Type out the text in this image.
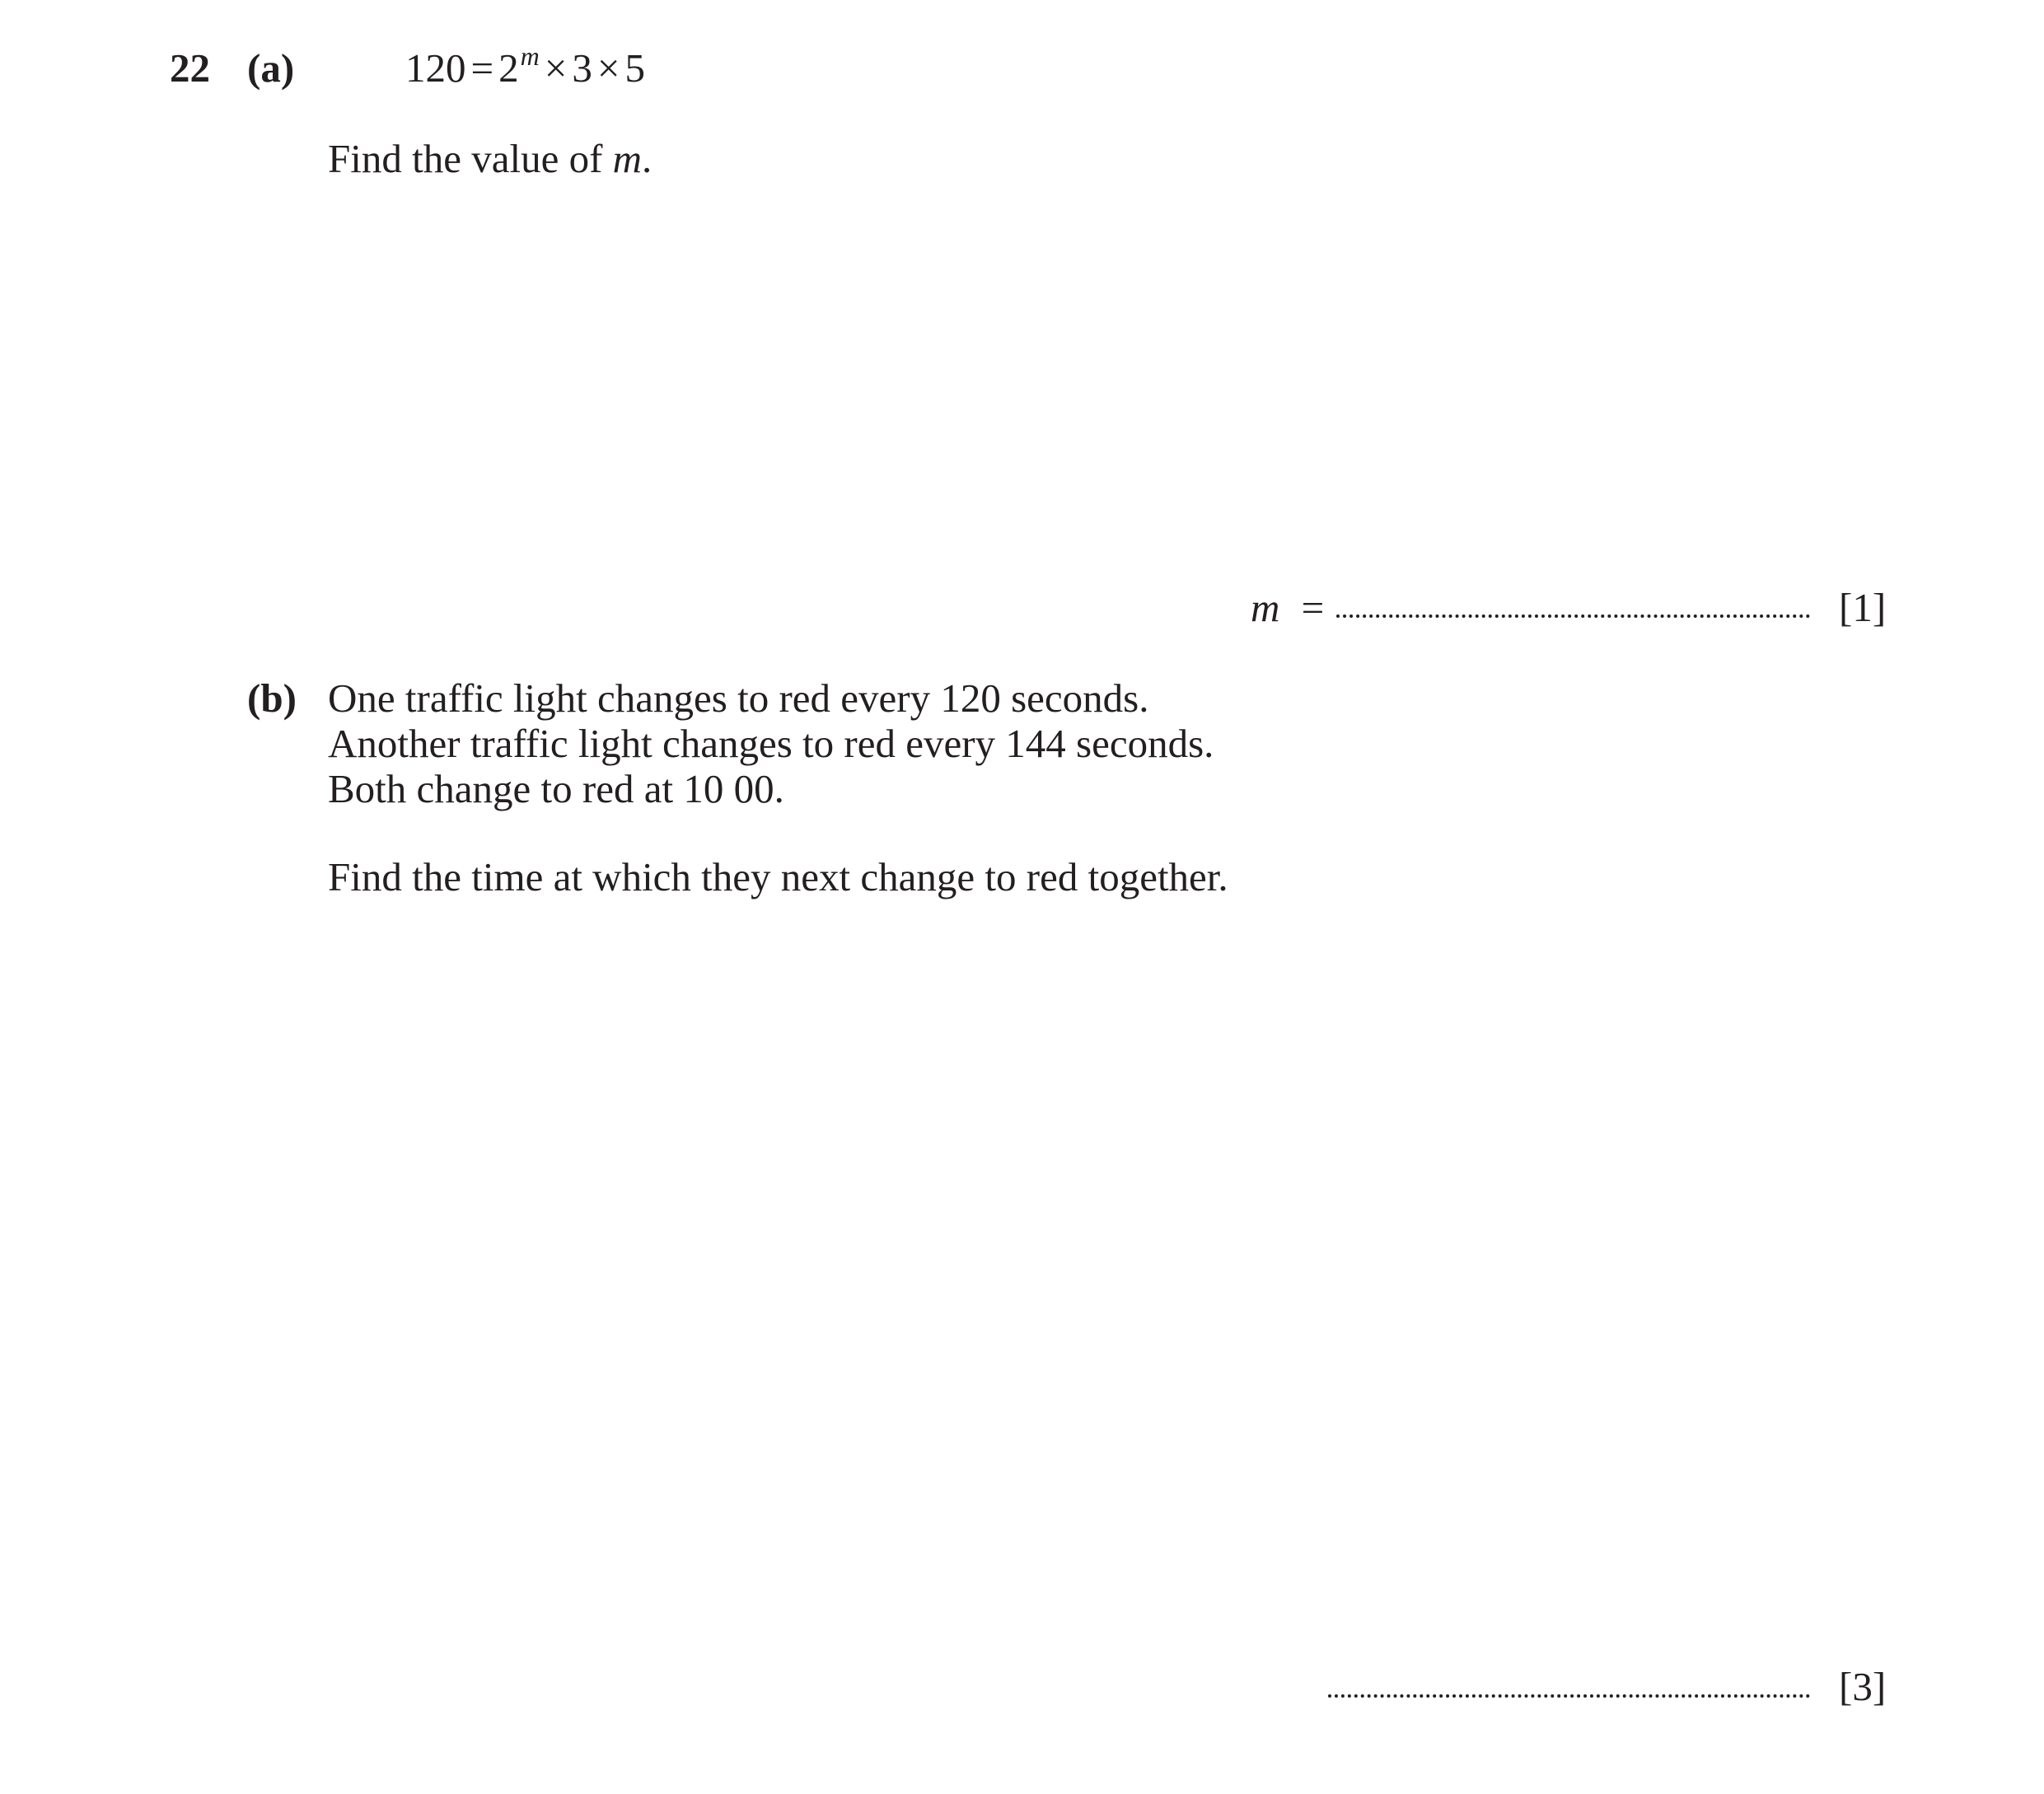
22 (a)	$120 = 2^m \times 3 \times 5$
Find the value of m.
m =	[1]
(b) One traffic light changes to red every 120 seconds.
Another traffic light changes to red every 144 seconds.
Both change to red at 10 00.
Find the time at which they next change to red together.
[3]
